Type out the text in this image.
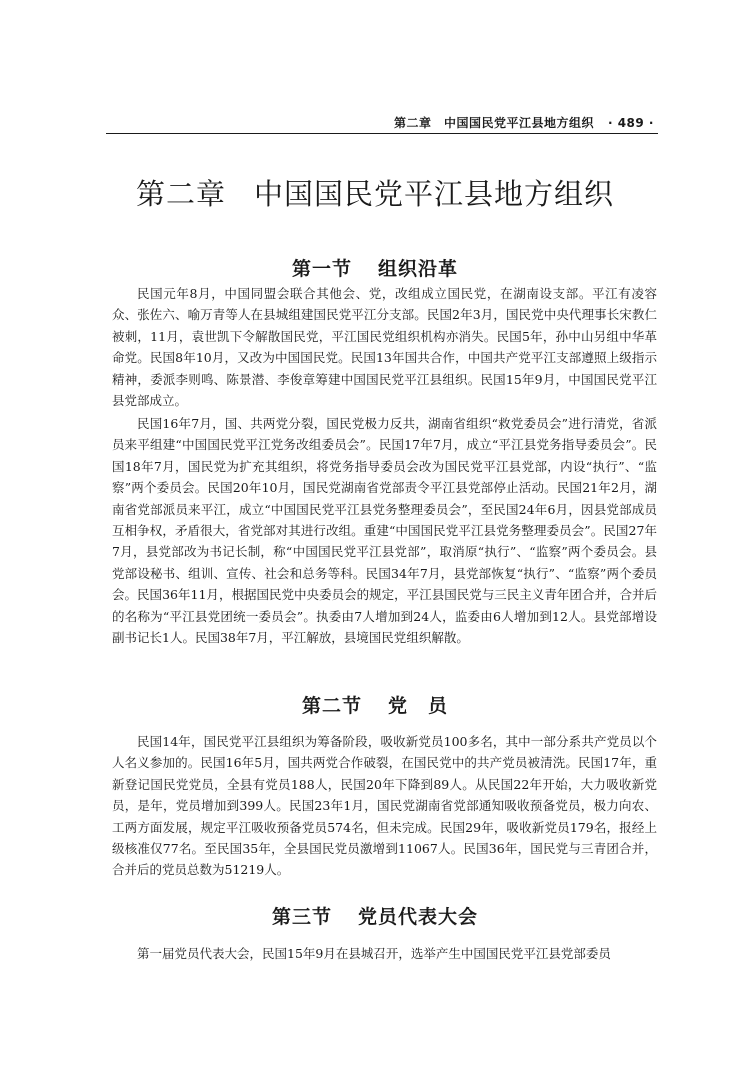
第二章　中国国民党平江县地方组织 · 489 ·
第二章 中国国民党平江县地方组织
第一节 组织沿革

民国元年8月，中国同盟会联合其他会、党，改组成立国民党，在湖南设支部。平江有凌容众、张佐六、喻万青等人在县城组建国民党平江分支部。民国2年3月，国民党中央代理事长宋教仁被刺，11月，袁世凯下令解散国民党，平江国民党组织机构亦消失。民国5年，孙中山另组中华革命党。民国8年10月，又改为中国国民党。民国13年国共合作，中国共产党平江支部遵照上级指示精神，委派李则鸣、陈景潜、李俊章筹建中国国民党平江县组织。民国15年9月，中国国民党平江县党部成立。

民国16年7月，国、共两党分裂，国民党极力反共，湖南省组织“救党委员会”进行清党，省派员来平组建“中国国民党平江党务改组委员会”。民国17年7月，成立“平江县党务指导委员会”。民国18年7月，国民党为扩充其组织，将党务指导委员会改为国民党平江县党部，内设“执行”、“监察”两个委员会。民国20年10月，国民党湖南省党部责令平江县党部停止活动。民国21年2月，湖南省党部派员来平江，成立“中国国民党平江县党务整理委员会”，至民国24年6月，因县党部成员互相争权，矛盾很大，省党部对其进行改组。重建“中国国民党平江县党务整理委员会”。民国27年7月，县党部改为书记长制，称“中国国民党平江县党部”，取消原“执行”、“监察”两个委员会。县党部设秘书、组训、宣传、社会和总务等科。民国34年7月，县党部恢复“执行”、“监察”两个委员会。民国36年11月，根据国民党中央委员会的规定，平江县国民党与三民主义青年团合并，合并后的名称为“平江县党团统一委员会”。执委由7人增加到24人，监委由6人增加到12人。县党部增设副书记长1人。民国38年7月，平江解放，县境国民党组织解散。

第二节 党　员

民国14年，国民党平江县组织为筹备阶段，吸收新党员100多名，其中一部分系共产党员以个人名义参加的。民国16年5月，国共两党合作破裂，在国民党中的共产党员被清洗。民国17年，重新登记国民党党员，全县有党员188人，民国20年下降到89人。从民国22年开始，大力吸收新党员，是年，党员增加到399人。民国23年1月，国民党湖南省党部通知吸收预备党员，极力向农、工两方面发展，规定平江吸收预备党员574名，但未完成。民国29年，吸收新党员179名，报经上级核准仅77名。至民国35年，全县国民党员激增到11067人。民国36年，国民党与三青团合并，合并后的党员总数为51219人。

第三节 党员代表大会

第一届党员代表大会，民国15年9月在县城召开，选举产生中国国民党平江县党部委员
